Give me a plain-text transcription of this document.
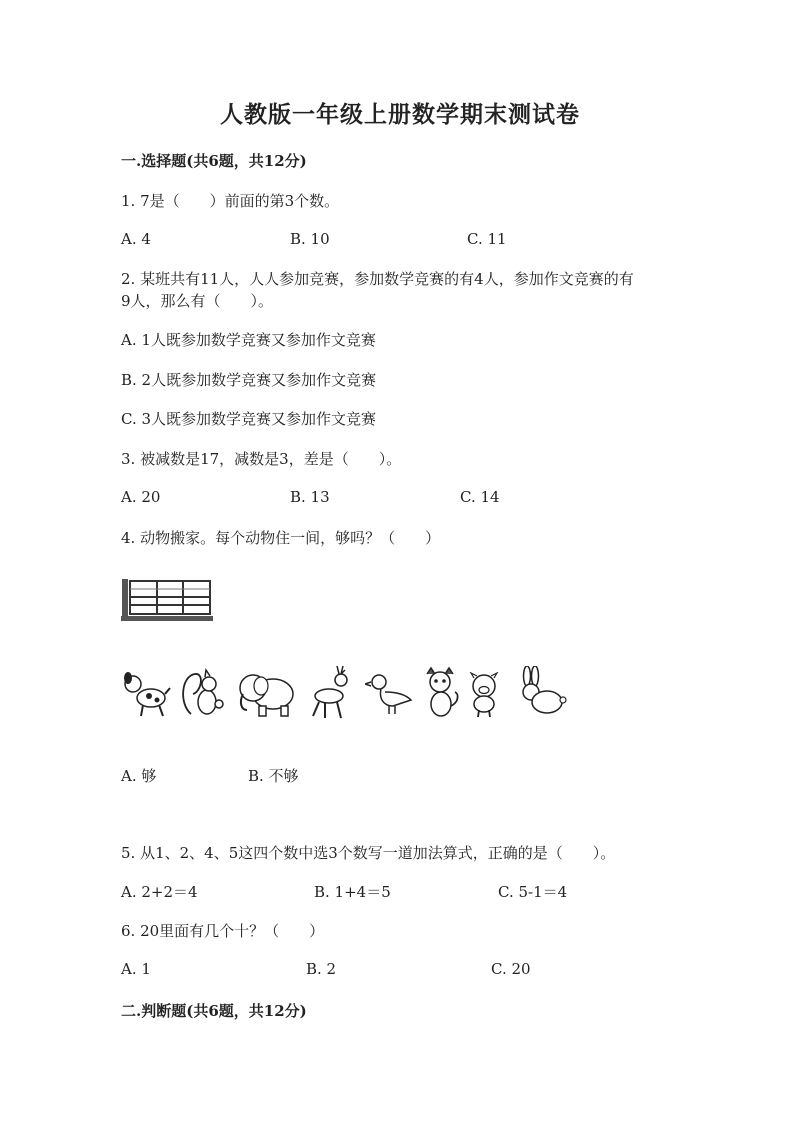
人教版一年级上册数学期末测试卷
一.选择题(共6题，共12分)
1. 7是（　　）前面的第3个数。
A. 4	B. 10	C. 11
2. 某班共有11人，人人参加竞赛，参加数学竞赛的有4人，参加作文竞赛的有
9人，那么有（　　）。
A. 1人既参加数学竞赛又参加作文竞赛
B. 2人既参加数学竞赛又参加作文竞赛
C. 3人既参加数学竞赛又参加作文竞赛
3. 被减数是17，减数是3，差是（　　）。
A. 20	B. 13	C. 14
4. 动物搬家。每个动物住一间，够吗？（　　）
A. 够	B. 不够
5. 从1、2、4、5这四个数中选3个数写一道加法算式，正确的是（　　）。
A. 2+2＝4	B. 1+4＝5	C. 5-1＝4
6. 20里面有几个十？（　　）
A. 1	B. 2	C. 20
二.判断题(共6题，共12分)
